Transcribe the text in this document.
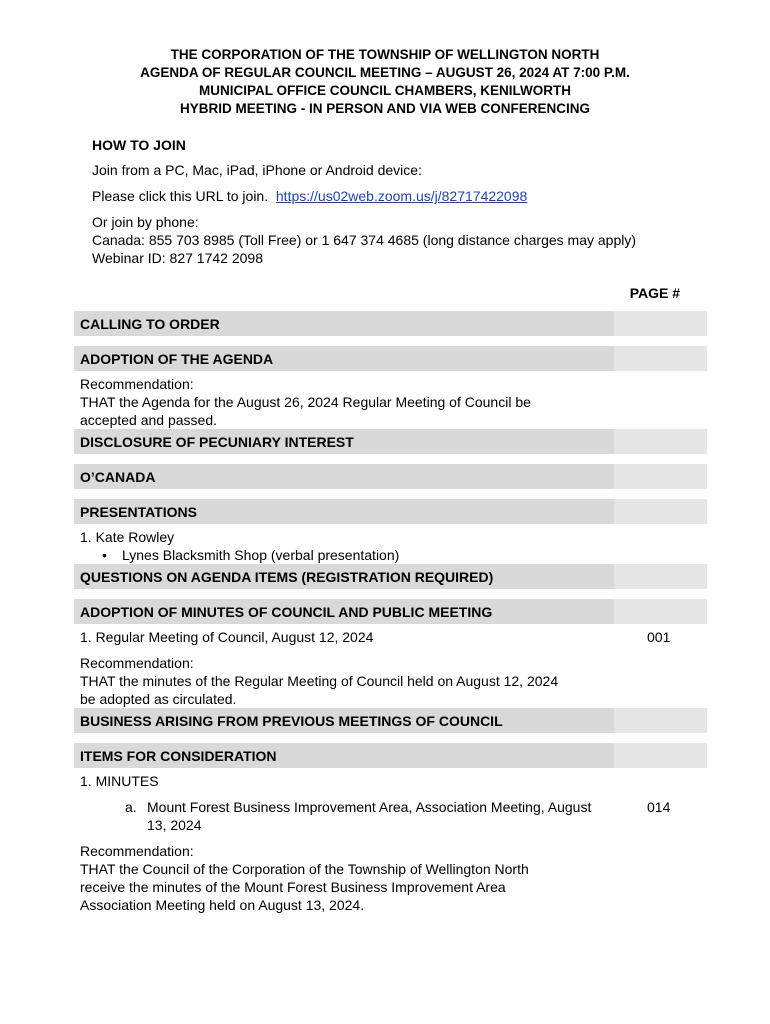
THE CORPORATION OF THE TOWNSHIP OF WELLINGTON NORTH
AGENDA OF REGULAR COUNCIL MEETING – AUGUST 26, 2024 AT 7:00 P.M.
MUNICIPAL OFFICE COUNCIL CHAMBERS, KENILWORTH
HYBRID MEETING - IN PERSON AND VIA WEB CONFERENCING

HOW TO JOIN

Join from a PC, Mac, iPad, iPhone or Android device:

Please click this URL to join. https://us02web.zoom.us/j/82717422098

Or join by phone:

Canada: 855 703 8985 (Toll Free) or 1 647 374 4685 (long distance charges may apply)

Webinar ID: 827 1742 2098

PAGE #
CALLING TO ORDER
ADOPTION OF THE AGENDA

Recommendation:

THAT the Agenda for the August 26, 2024 Regular Meeting of Council be

accepted and passed.

DISCLOSURE OF PECUNIARY INTEREST
O’CANADA
PRESENTATIONS

1. Kate Rowley

• Lynes Blacksmith Shop (verbal presentation)

QUESTIONS ON AGENDA ITEMS (REGISTRATION REQUIRED)
ADOPTION OF MINUTES OF COUNCIL AND PUBLIC MEETING
1. Regular Meeting of Council, August 12, 2024	001

Recommendation:

THAT the minutes of the Regular Meeting of Council held on August 12, 2024

be adopted as circulated.

BUSINESS ARISING FROM PREVIOUS MEETINGS OF COUNCIL
ITEMS FOR CONSIDERATION

1. MINUTES

a. Mount Forest Business Improvement Area, Association Meeting, August
13, 2024
014

Recommendation:

THAT the Council of the Corporation of the Township of Wellington North

receive the minutes of the Mount Forest Business Improvement Area

Association Meeting held on August 13, 2024.
